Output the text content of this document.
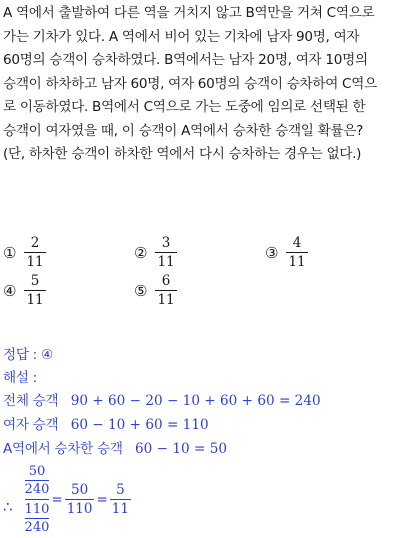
A 역에서 출발하여 다른 역을 거치지 않고 B역만을 거쳐 C역으로
가는 기차가 있다. A 역에서 비어 있는 기차에 남자 90명, 여자
60명의 승객이 승차하였다. B역에서는 남자 20명, 여자 10명의
승객이 하차하고 남자 60명, 여자 60명의 승객이 승차하여 C역으
로 이동하였다. B역에서 C역으로 가는 도중에 임의로 선택된 한
승객이 여자였을 때, 이 승객이 A역에서 승차한 승객일 확률은?
(단, 하차한 승객이 하차한 역에서 다시 승차하는 경우는 없다.)
① $\frac{2}{11}$	② $\frac{3}{11}$	③ $\frac{4}{11}$
④ $\frac{5}{11}$	⑤ $\frac{6}{11}$
정답 : ④
해설 :
전체 승객 90 + 60 − 20 − 10 + 60 + 60 = 240
여자 승객 60 − 10 + 60 = 110
A역에서 승차한 승객 60 − 10 = 50
∴
50
240
110
240
= $\frac{50}{110} = \frac{5}{11}$
